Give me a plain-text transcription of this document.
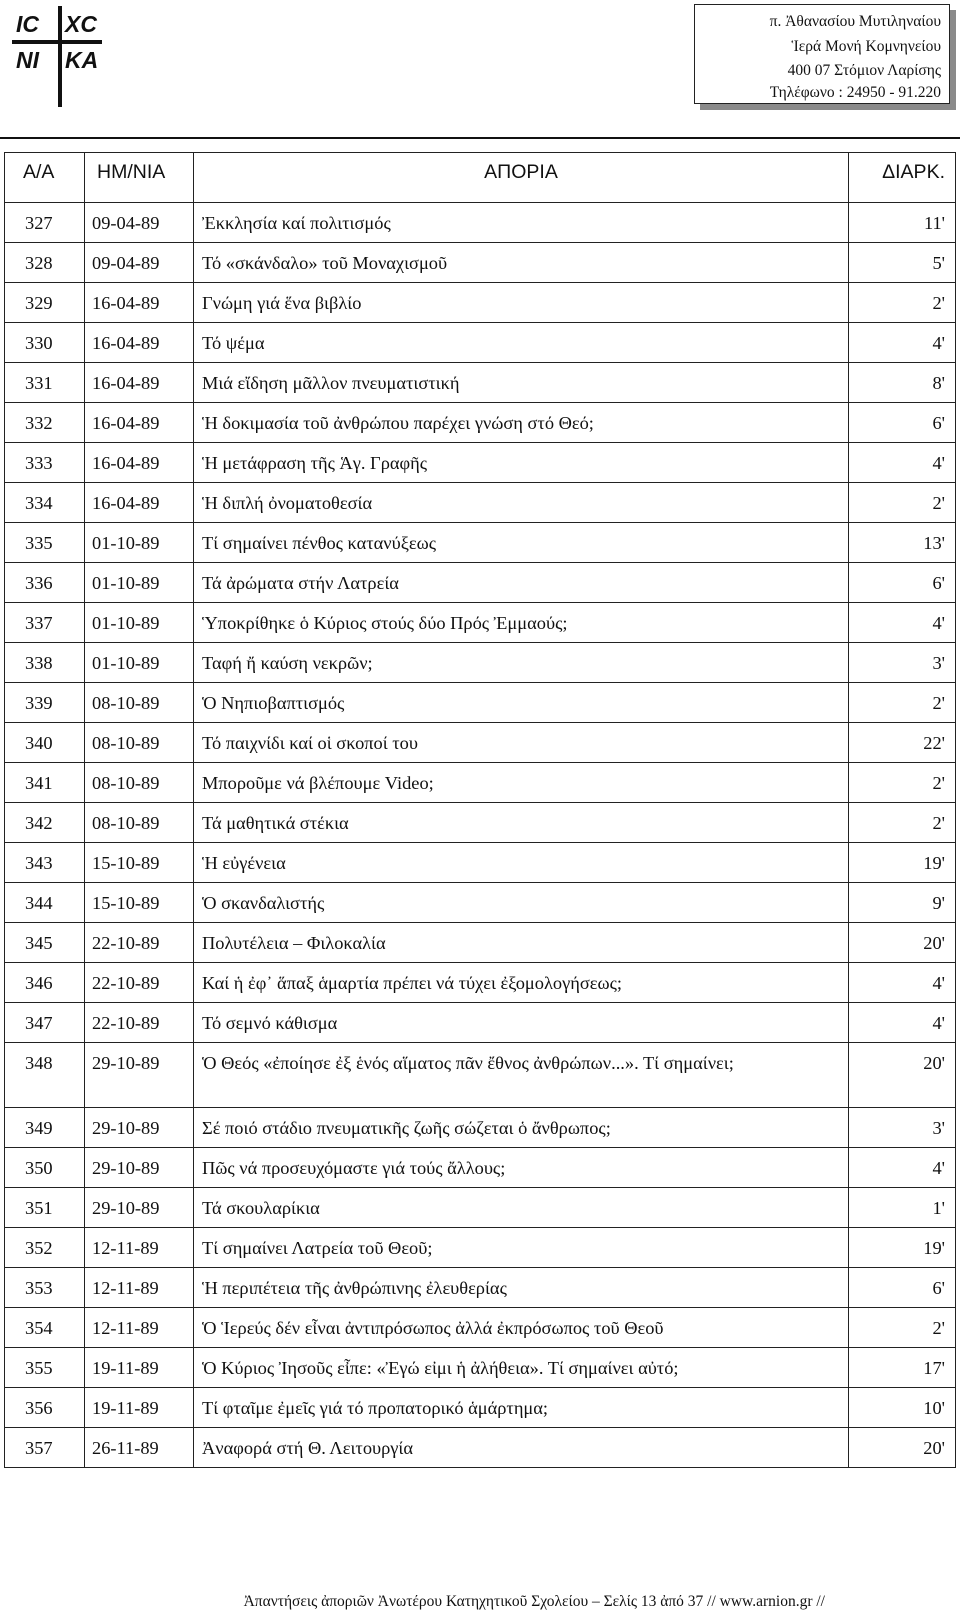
IC XC
NI KA
π. Ἀθανασίου Μυτιληναίου
Ἱερά Μονή Κομνηνείου
400 07 Στόμιον Λαρίσης
Τηλέφωνο : 24950 - 91.220
Α/Α	ΗΜ/ΝΙΑ	ΑΠΟΡΙΑ	ΔΙΑΡΚ.

327	09-04-89	Ἐκκλησία καί πολιτισμός	11'
328	09-04-89	Τό «σκάνδαλο» τοῦ Μοναχισμοῦ	5'
329	16-04-89	Γνώμη γιά ἕνα βιβλίο	2'
330	16-04-89	Τό ψέμα	4'
331	16-04-89	Μιά εἴδηση μᾶλλον πνευματιστική	8'
332	16-04-89	Ἡ δοκιμασία τοῦ ἀνθρώπου παρέχει γνώση στό Θεό;	6'
333	16-04-89	Ἡ μετάφραση τῆς Ἁγ. Γραφῆς	4'
334	16-04-89	Ἡ διπλή ὀνοματοθεσία	2'
335	01-10-89	Τί σημαίνει πένθος κατανύξεως	13'
336	01-10-89	Τά ἀρώματα στήν Λατρεία	6'
337	01-10-89	Ὑποκρίθηκε ὁ Κύριος στούς δύο Πρός Ἐμμαούς;	4'
338	01-10-89	Ταφή ἤ καύση νεκρῶν;	3'
339	08-10-89	Ὁ Νηπιοβαπτισμός	2'
340	08-10-89	Τό παιχνίδι καί οἱ σκοποί του	22'
341	08-10-89	Μποροῦμε νά βλέπουμε Video;	2'
342	08-10-89	Τά μαθητικά στέκια	2'
343	15-10-89	Ἡ εὐγένεια	19'
344	15-10-89	Ὁ σκανδαλιστής	9'
345	22-10-89	Πολυτέλεια – Φιλοκαλία	20'
346	22-10-89	Καί ἡ ἐφ᾿ ἅπαξ ἁμαρτία πρέπει νά τύχει ἐξομολογήσεως;	4'
347	22-10-89	Τό σεμνό κάθισμα	4'
348	29-10-89	Ὁ Θεός «ἐποίησε ἐξ ἑνός αἵματος πᾶν ἔθνος ἀνθρώπων...». Τί σημαίνει;	20'
349	29-10-89	Σέ ποιό στάδιο πνευματικῆς ζωῆς σώζεται ὁ ἄνθρωπος;	3'
350	29-10-89	Πῶς νά προσευχόμαστε γιά τούς ἄλλους;	4'
351	29-10-89	Τά σκουλαρίκια	1'
352	12-11-89	Τί σημαίνει Λατρεία τοῦ Θεοῦ;	19'
353	12-11-89	Ἡ περιπέτεια τῆς ἀνθρώπινης ἐλευθερίας	6'
354	12-11-89	Ὁ Ἱερεύς δέν εἶναι ἀντιπρόσωπος ἀλλά ἐκπρόσωπος τοῦ Θεοῦ	2'
355	19-11-89	Ὁ Κύριος Ἰησοῦς εἶπε: «Ἐγώ εἰμι ἡ ἀλήθεια». Τί σημαίνει αὐτό;	17'
356	19-11-89	Τί φταῖμε ἐμεῖς γιά τό προπατορικό ἁμάρτημα;	10'
357	26-11-89	Ἀναφορά στή Θ. Λειτουργία	20'
Ἀπαντήσεις ἀποριῶν Ἀνωτέρου Κατηχητικοῦ Σχολείου – Σελίς 13 ἀπό 37 // www.arnion.gr //
